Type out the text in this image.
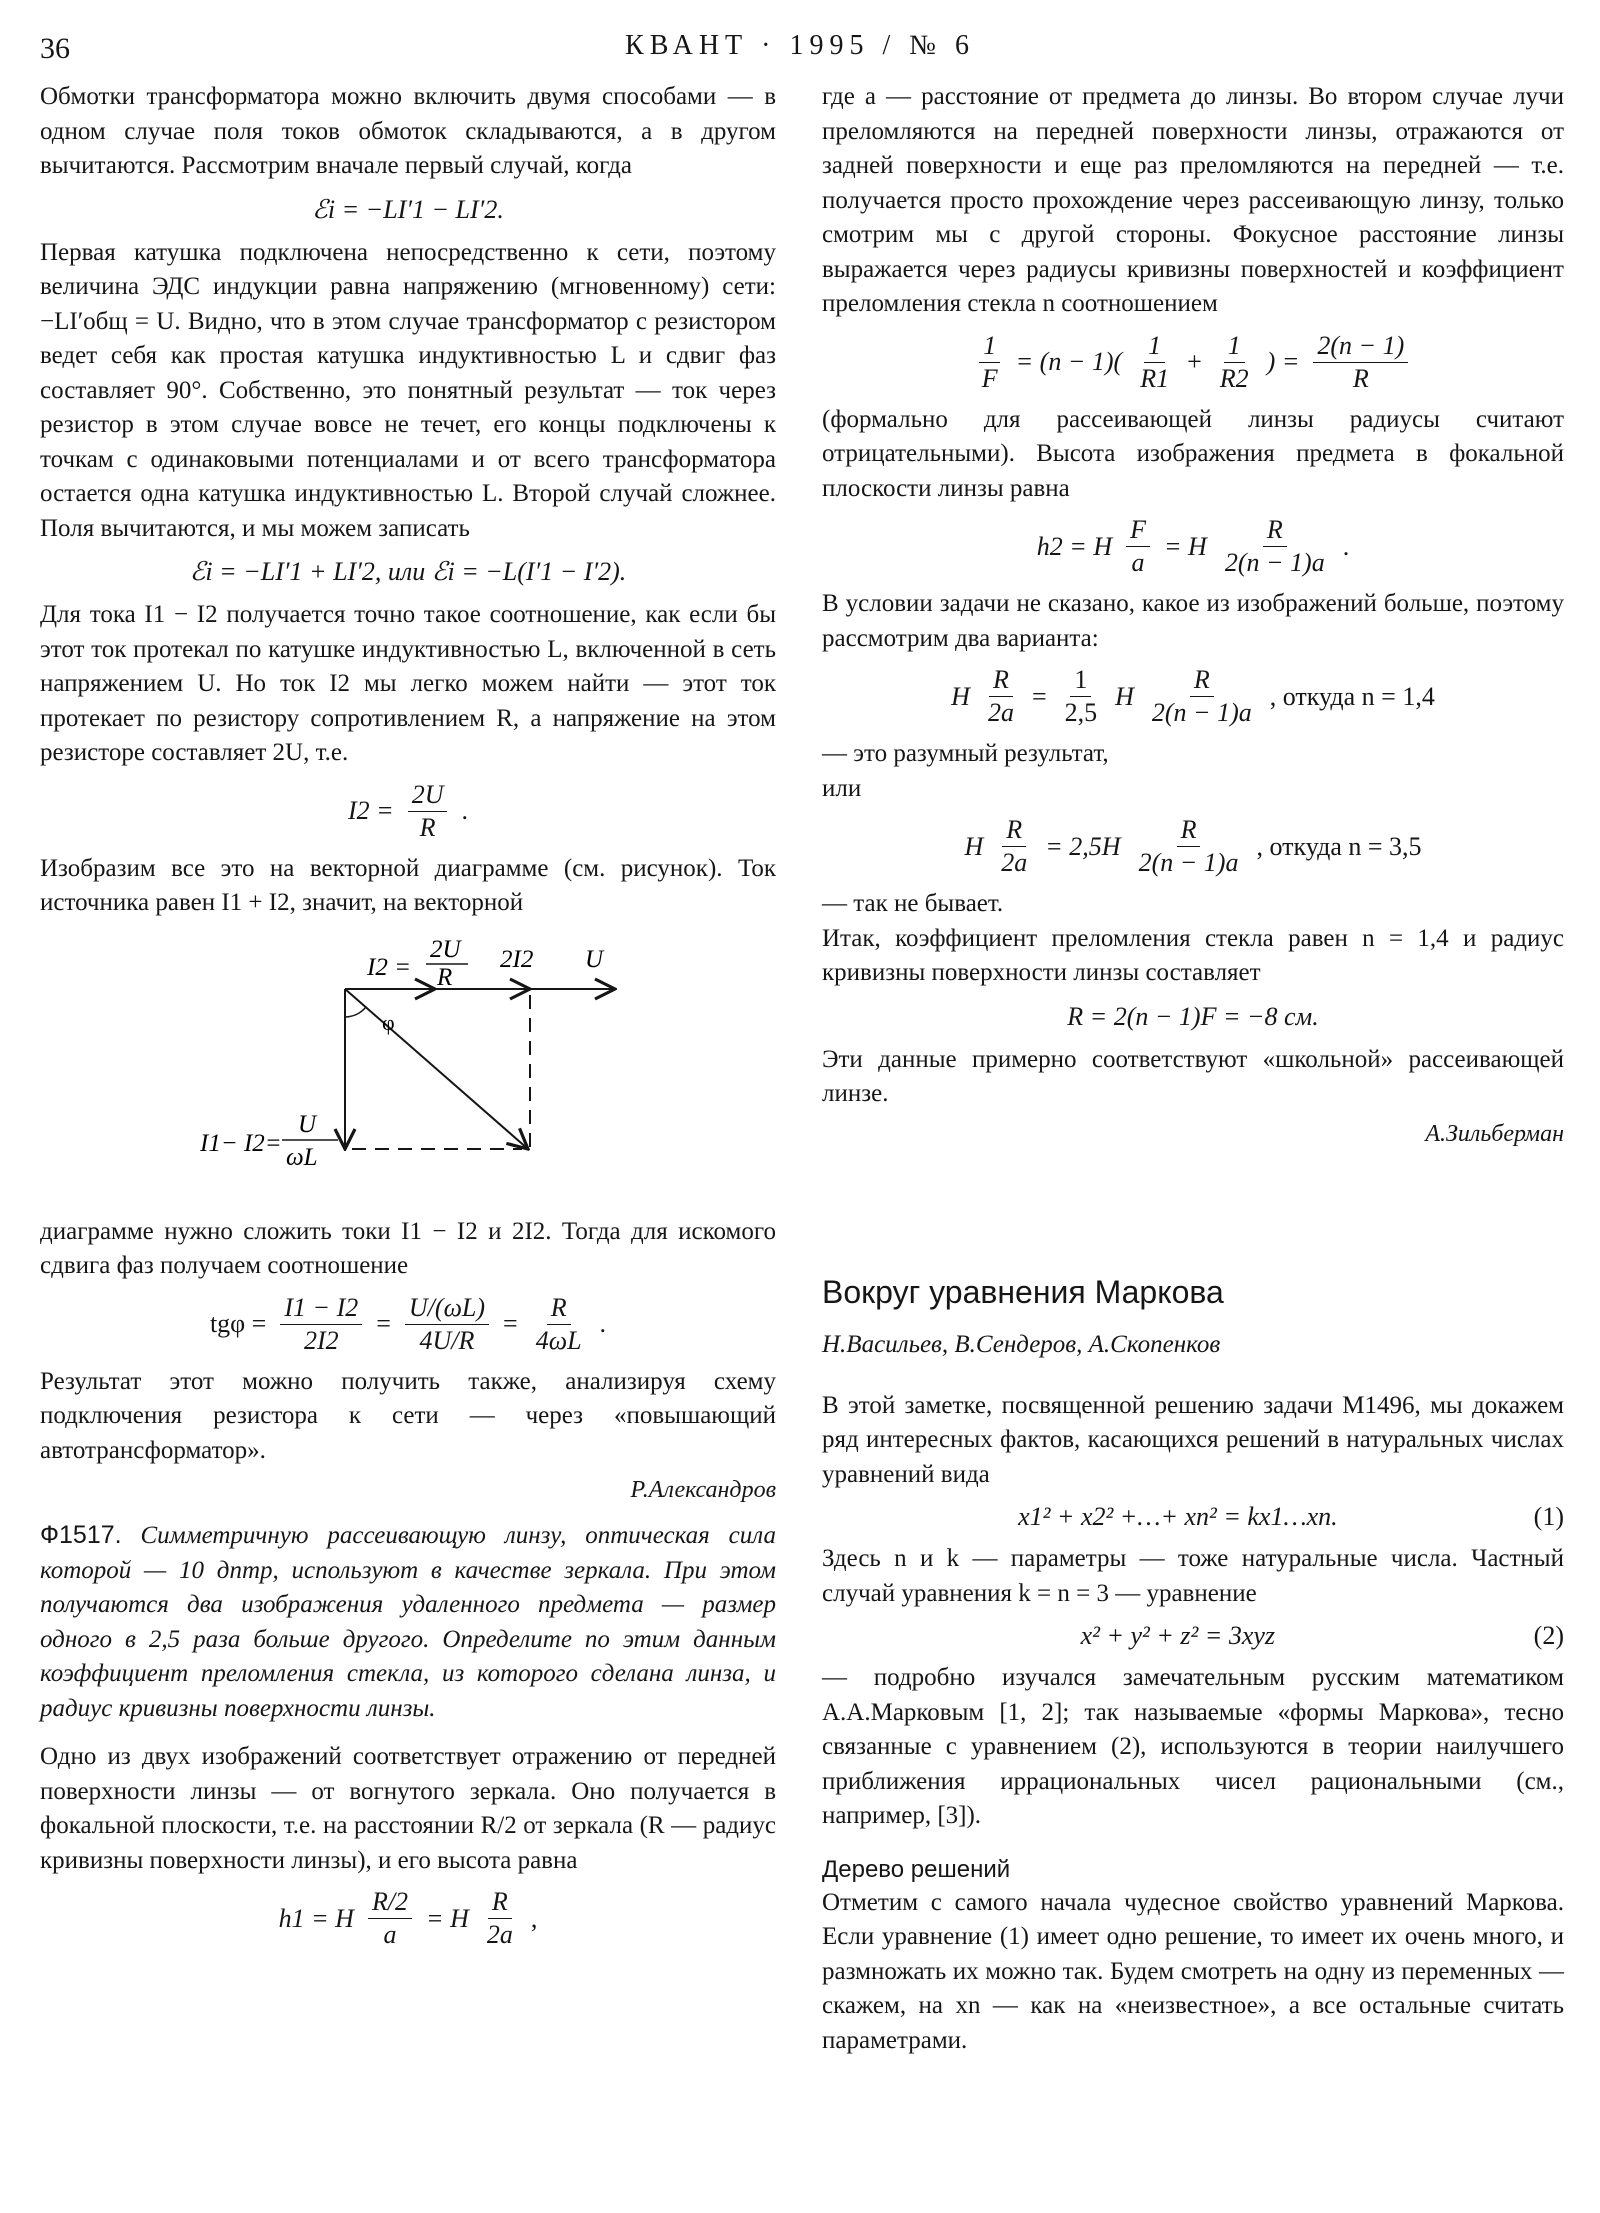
36	КВАНТ · 1995 / № 6

Обмотки трансформатора можно включить двумя способами — в одном случае поля токов обмоток складываются, а в другом вычитаются. Рассмотрим вначале первый случай, когда

ℰi = −LI′1 − LI′2.

Первая катушка подключена непосредственно к сети, поэтому величина ЭДС индукции равна напряжению (мгновенному) сети: −LI′общ = U. Видно, что в этом случае трансформатор с резистором ведет себя как простая катушка индуктивностью L и сдвиг фаз составляет 90°. Собственно, это понятный результат — ток через резистор в этом случае вовсе не течет, его концы подключены к точкам с одинаковыми потенциалами и от всего трансформатора остается одна катушка индуктивностью L. Второй случай сложнее. Поля вычитаются, и мы можем записать

ℰi = −LI′1 + LI′2, или ℰi = −L(I′1 − I′2).

Для тока I1 − I2 получается точно такое соотношение, как если бы этот ток протекал по катушке индуктивностью L, включенной в сеть напряжением U. Но ток I2 мы легко можем найти — этот ток протекает по резистору сопротивлением R, а напряжение на этом резисторе составляет 2U, т.е.

$I2 = \frac{2U}{R}$ .

Изобразим все это на векторной диаграмме (см. рисунок). Ток источника равен I1 + I2, значит, на векторной

I2 =
2U
R
2I2 U
φ
I1− I2=
U
ωL

диаграмме нужно сложить токи I1 − I2 и 2I2. Тогда для искомого сдвига фаз получаем соотношение

$tg\varphi = \frac{I1 - I2}{2I2} = \frac{U/(\omega L)}{4U/R} = \frac{R}{4\omega L}$ .

Результат этот можно получить также, анализируя схему подключения резистора к сети — через «повышающий автотрансформатор».

Р.Александров

Ф1517. Симметричную рассеивающую линзу, оптическая сила которой — 10 дптр, используют в качестве зеркала. При этом получаются два изображения удаленного предмета — размер одного в 2,5 раза больше другого. Определите по этим данным коэффициент преломления стекла, из которого сделана линза, и радиус кривизны поверхности линзы.

Одно из двух изображений соответствует отражению от передней поверхности линзы — от вогнутого зеркала. Оно получается в фокальной плоскости, т.е. на расстоянии R/2 от зеркала (R — радиус кривизны поверхности линзы), и его высота равна

h1 = H $\frac{R/2}{a} = H \frac{R}{2a}$ ,

где a — расстояние от предмета до линзы. Во втором случае лучи преломляются на передней поверхности линзы, отражаются от задней поверхности и еще раз преломляются на передней — т.е. получается просто прохождение через рассеивающую линзу, только смотрим мы с другой стороны. Фокусное расстояние линзы выражается через радиусы кривизны поверхностей и коэффициент преломления стекла n соотношением

$\frac{1}{F} = (n - 1)( \frac{1}{R1} + \frac{1}{R2}$ ) = $\frac{2(n - 1)}{R}$

(формально для рассеивающей линзы радиусы считают отрицательными). Высота изображения предмета в фокальной плоскости линзы равна

h2 = H $\frac{F}{a} = H \frac{R}{2(n - 1)a}$ .

В условии задачи не сказано, какое из изображений больше, поэтому рассмотрим два варианта:

H $\frac{R}{2a} = \frac{1}{2,5}$ H $\frac{R}{2(n - 1)a}$ , откуда n = 1,4

— это разумный результат,

или

H $\frac{R}{2a} = 2,5H \frac{R}{2(n - 1)a}$ , откуда n = 3,5

— так не бывает.

Итак, коэффициент преломления стекла равен n = 1,4 и радиус кривизны поверхности линзы составляет

R = 2(n − 1)F = −8 см.

Эти данные примерно соответствуют «школьной» рассеивающей линзе.

А.Зильберман
Вокруг уравнения Маркова
Н.Васильев, В.Сендеров, А.Скопенков

В этой заметке, посвященной решению задачи М1496, мы докажем ряд интересных фактов, касающихся решений в натуральных числах уравнений вида

x1² + x2² +…+ xn² = kx1…xn.	(1)

Здесь n и k — параметры — тоже натуральные числа. Частный случай уравнения k = n = 3 — уравнение

x² + y² + z² = 3xyz	(2)

— подробно изучался замечательным русским математиком А.А.Марковым [1, 2]; так называемые «формы Маркова», тесно связанные с уравнением (2), используются в теории наилучшего приближения иррациональных чисел рациональными (см., например, [3]).

Дерево решений

Отметим с самого начала чудесное свойство уравнений Маркова. Если уравнение (1) имеет одно решение, то имеет их очень много, и размножать их можно так. Будем смотреть на одну из переменных — скажем, на xn — как на «неизвестное», а все остальные считать параметрами.
